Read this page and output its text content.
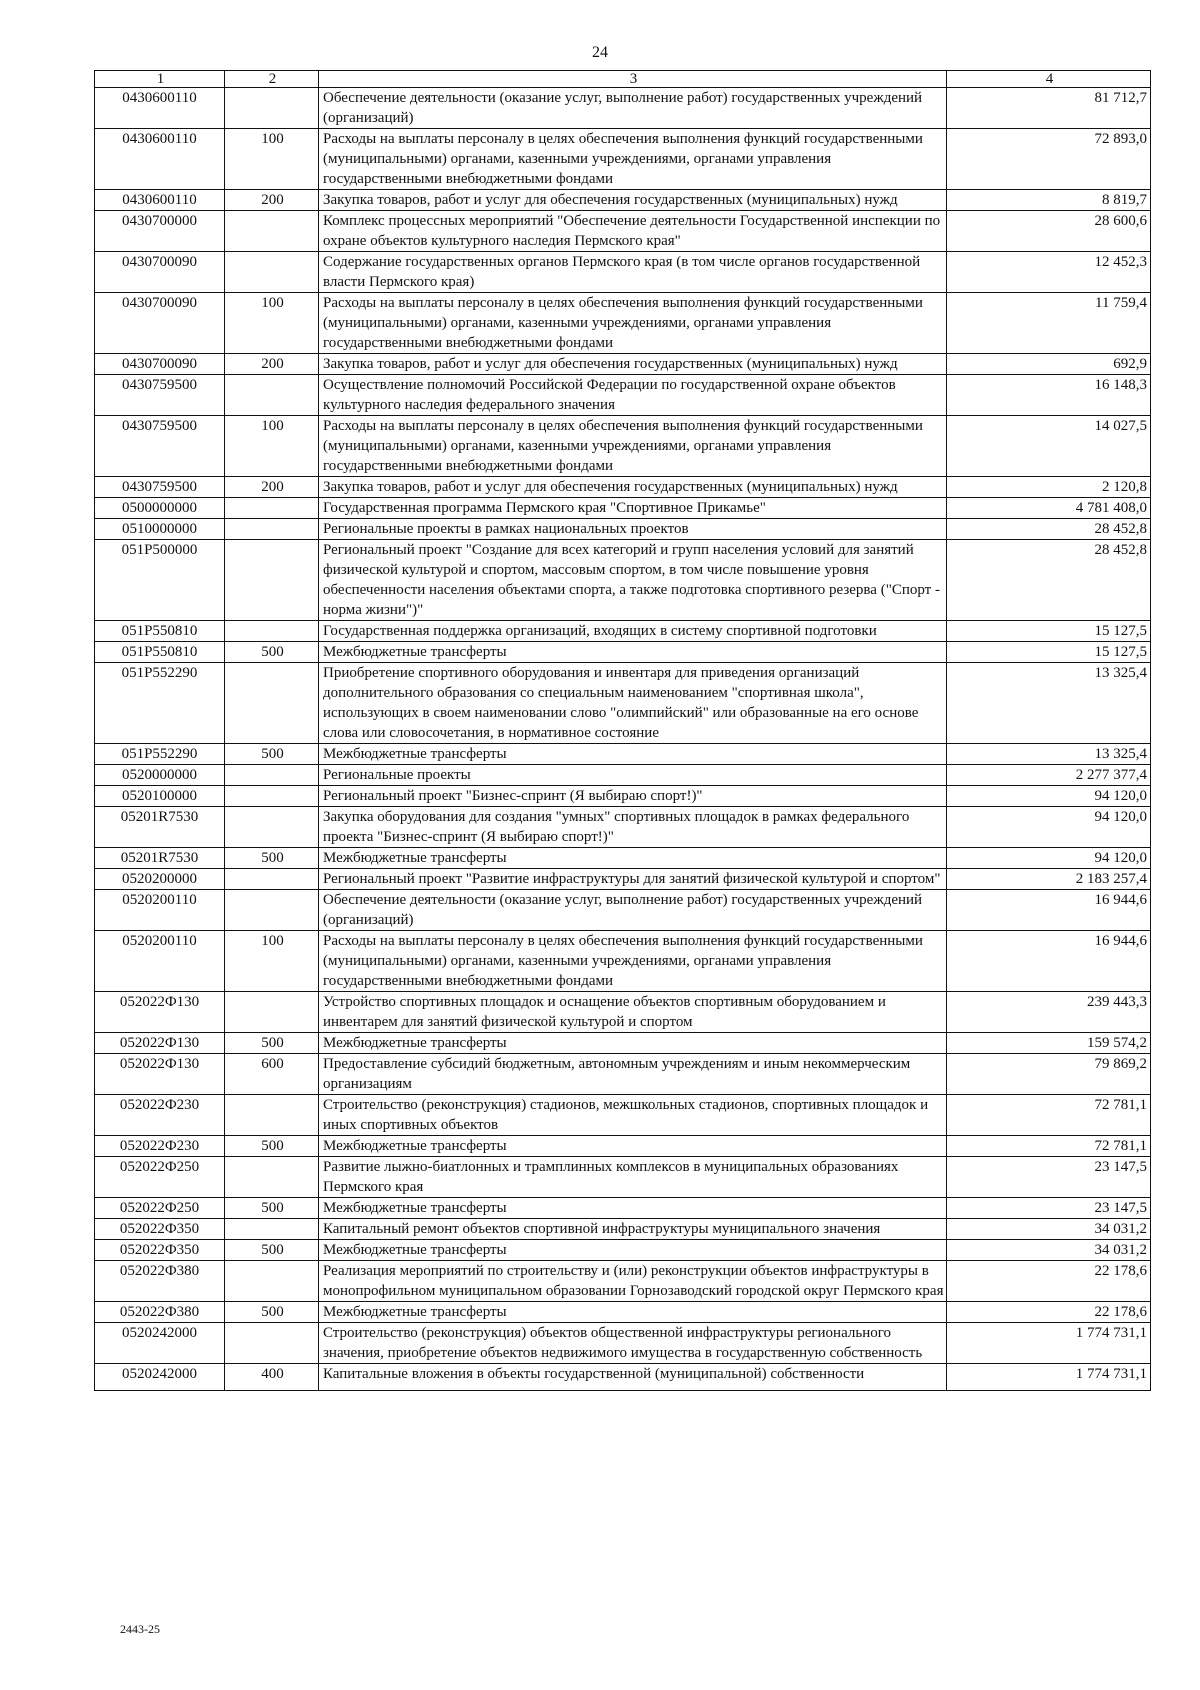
24
1	2	3	4
0430600110		Обеспечение деятельности (оказание услуг, выполнение работ) государственных учреждений (организаций)	81 712,7
0430600110	100	Расходы на выплаты персоналу в целях обеспечения выполнения функций государственными (муниципальными) органами, казенными учреждениями, органами управления государственными внебюджетными фондами	72 893,0
0430600110	200	Закупка товаров, работ и услуг для обеспечения государственных (муниципальных) нужд	8 819,7
0430700000		Комплекс процессных мероприятий "Обеспечение деятельности Государственной инспекции по охране объектов культурного наследия Пермского края"	28 600,6
0430700090		Содержание государственных органов Пермского края (в том числе органов государственной власти Пермского края)	12 452,3
0430700090	100	Расходы на выплаты персоналу в целях обеспечения выполнения функций государственными (муниципальными) органами, казенными учреждениями, органами управления государственными внебюджетными фондами	11 759,4
0430700090	200	Закупка товаров, работ и услуг для обеспечения государственных (муниципальных) нужд	692,9
0430759500		Осуществление полномочий Российской Федерации по государственной охране объектов культурного наследия федерального значения	16 148,3
0430759500	100	Расходы на выплаты персоналу в целях обеспечения выполнения функций государственными (муниципальными) органами, казенными учреждениями, органами управления государственными внебюджетными фондами	14 027,5
0430759500	200	Закупка товаров, работ и услуг для обеспечения государственных (муниципальных) нужд	2 120,8
0500000000		Государственная программа Пермского края "Спортивное Прикамье"	4 781 408,0
0510000000		Региональные проекты в рамках национальных проектов	28 452,8
051P500000		Региональный проект "Создание для всех категорий и групп населения условий для занятий физической культурой и спортом, массовым спортом, в том числе повышение уровня обеспеченности населения объектами спорта, а также подготовка спортивного резерва ("Спорт - норма жизни")"	28 452,8
051P550810		Государственная поддержка организаций, входящих в систему спортивной подготовки	15 127,5
051P550810	500	Межбюджетные трансферты	15 127,5
051P552290		Приобретение спортивного оборудования и инвентаря для приведения организаций дополнительного образования со специальным наименованием "спортивная школа", использующих в своем наименовании слово "олимпийский" или образованные на его основе слова или словосочетания, в нормативное состояние	13 325,4
051P552290	500	Межбюджетные трансферты	13 325,4
0520000000		Региональные проекты	2 277 377,4
0520100000		Региональный проект "Бизнес-спринт (Я выбираю спорт!)"	94 120,0
05201R7530		Закупка оборудования для создания "умных" спортивных площадок в рамках федерального проекта "Бизнес-спринт (Я выбираю спорт!)"	94 120,0
05201R7530	500	Межбюджетные трансферты	94 120,0
0520200000		Региональный проект "Развитие инфраструктуры для занятий физической культурой и спортом"	2 183 257,4
0520200110		Обеспечение деятельности (оказание услуг, выполнение работ) государственных учреждений (организаций)	16 944,6
0520200110	100	Расходы на выплаты персоналу в целях обеспечения выполнения функций государственными (муниципальными) органами, казенными учреждениями, органами управления государственными внебюджетными фондами	16 944,6
052022Ф130		Устройство спортивных площадок и оснащение объектов спортивным оборудованием и инвентарем для занятий физической культурой и спортом	239 443,3
052022Ф130	500	Межбюджетные трансферты	159 574,2
052022Ф130	600	Предоставление субсидий бюджетным, автономным учреждениям и иным некоммерческим организациям	79 869,2
052022Ф230		Строительство (реконструкция) стадионов, межшкольных стадионов, спортивных площадок и иных спортивных объектов	72 781,1
052022Ф230	500	Межбюджетные трансферты	72 781,1
052022Ф250		Развитие лыжно-биатлонных и трамплинных комплексов в муниципальных образованиях Пермского края	23 147,5
052022Ф250	500	Межбюджетные трансферты	23 147,5
052022Ф350		Капитальный ремонт объектов спортивной инфраструктуры муниципального значения	34 031,2
052022Ф350	500	Межбюджетные трансферты	34 031,2
052022Ф380		Реализация мероприятий по строительству и (или) реконструкции объектов инфраструктуры в монопрофильном муниципальном образовании Горнозаводский городской округ Пермского края	22 178,6
052022Ф380	500	Межбюджетные трансферты	22 178,6
0520242000		Строительство (реконструкция) объектов общественной инфраструктуры регионального значения, приобретение объектов недвижимого имущества в государственную собственность	1 774 731,1
0520242000	400	Капитальные вложения в объекты государственной (муниципальной) собственности	1 774 731,1
2443-25
